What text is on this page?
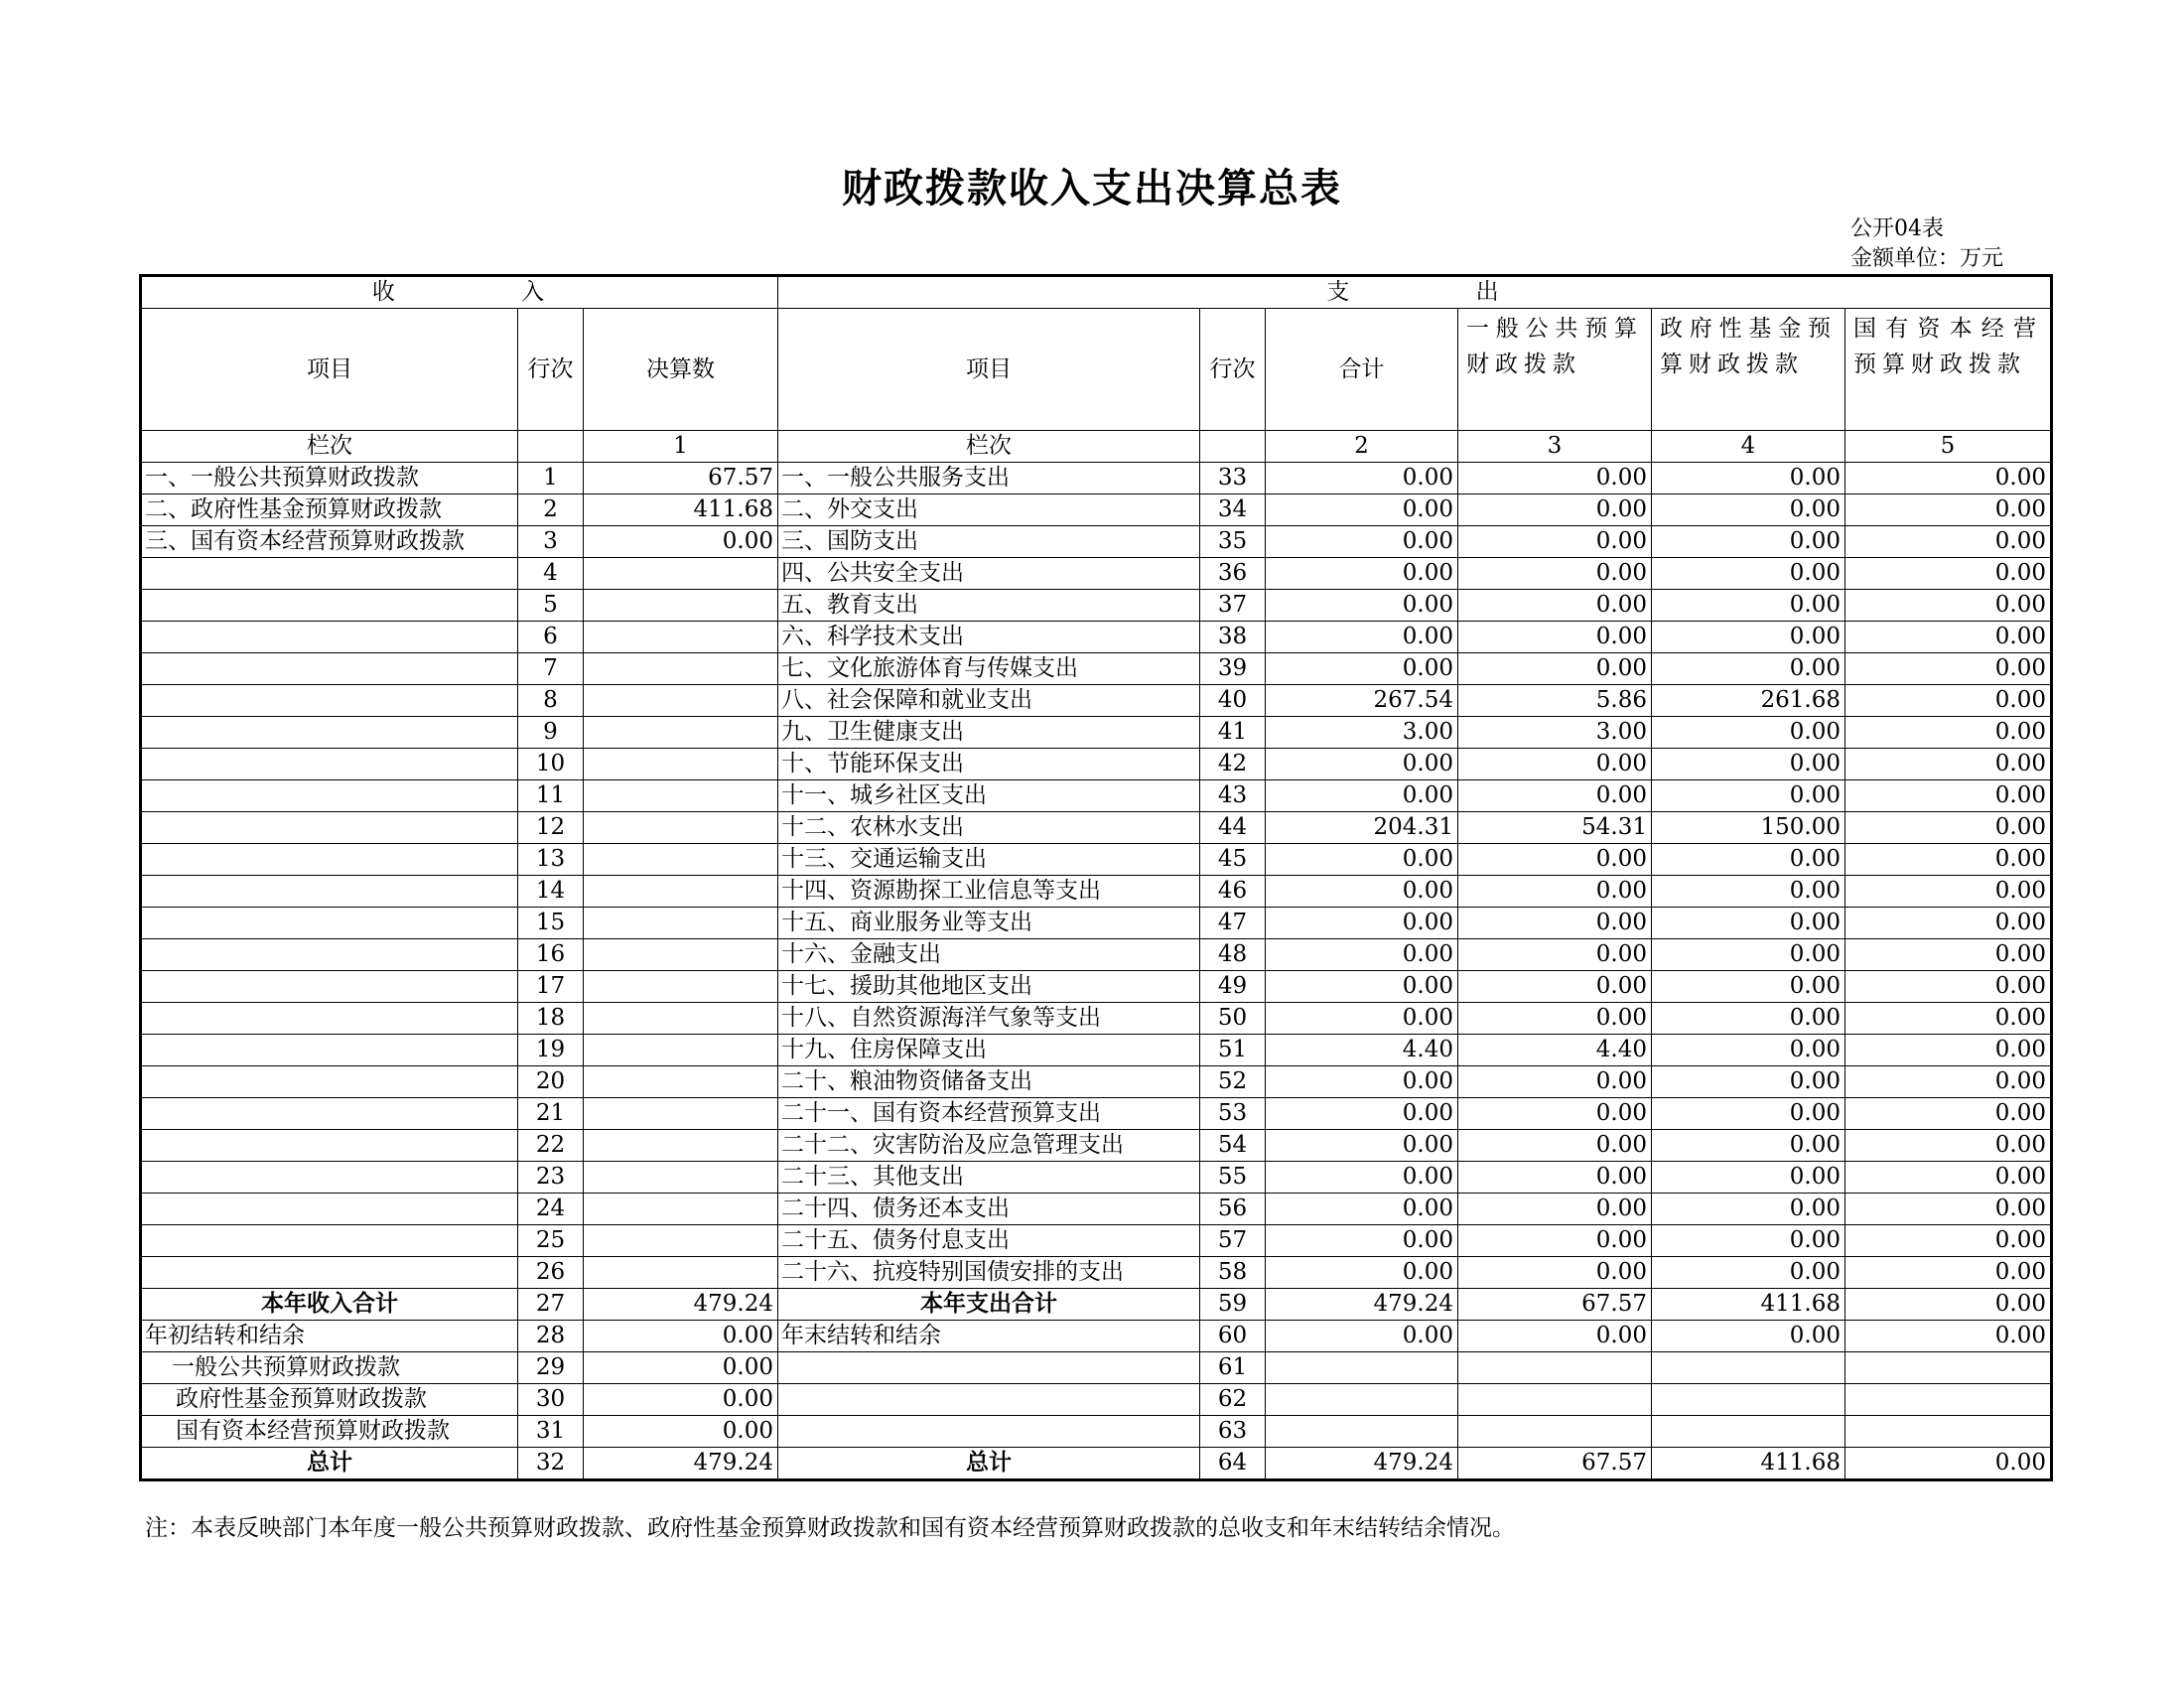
财政拨款收入支出决算总表
公开04表
金额单位：万元
收 入			支 出					
项目	行次	决算数	项目	行次	合计	一般公共预算财政拨款	政府性基金预算财政拨款	国有资本经营预算财政拨款
栏次		1	栏次		2	3	4	5
一、一般公共预算财政拨款	1	67.57	一、一般公共服务支出	33	0.00	0.00	0.00	0.00
二、政府性基金预算财政拨款	2	411.68	二、外交支出	34	0.00	0.00	0.00	0.00
三、国有资本经营预算财政拨款	3	0.00	三、国防支出	35	0.00	0.00	0.00	0.00
	4		四、公共安全支出	36	0.00	0.00	0.00	0.00
	5		五、教育支出	37	0.00	0.00	0.00	0.00
	6		六、科学技术支出	38	0.00	0.00	0.00	0.00
	7		七、文化旅游体育与传媒支出	39	0.00	0.00	0.00	0.00
	8		八、社会保障和就业支出	40	267.54	5.86	261.68	0.00
	9		九、卫生健康支出	41	3.00	3.00	0.00	0.00
	10		十、节能环保支出	42	0.00	0.00	0.00	0.00
	11		十一、城乡社区支出	43	0.00	0.00	0.00	0.00
	12		十二、农林水支出	44	204.31	54.31	150.00	0.00
	13		十三、交通运输支出	45	0.00	0.00	0.00	0.00
	14		十四、资源勘探工业信息等支出	46	0.00	0.00	0.00	0.00
	15		十五、商业服务业等支出	47	0.00	0.00	0.00	0.00
	16		十六、金融支出	48	0.00	0.00	0.00	0.00
	17		十七、援助其他地区支出	49	0.00	0.00	0.00	0.00
	18		十八、自然资源海洋气象等支出	50	0.00	0.00	0.00	0.00
	19		十九、住房保障支出	51	4.40	4.40	0.00	0.00
	20		二十、粮油物资储备支出	52	0.00	0.00	0.00	0.00
	21		二十一、国有资本经营预算支出	53	0.00	0.00	0.00	0.00
	22		二十二、灾害防治及应急管理支出	54	0.00	0.00	0.00	0.00
	23		二十三、其他支出	55	0.00	0.00	0.00	0.00
	24		二十四、债务还本支出	56	0.00	0.00	0.00	0.00
	25		二十五、债务付息支出	57	0.00	0.00	0.00	0.00
	26		二十六、抗疫特别国债安排的支出	58	0.00	0.00	0.00	0.00
本年收入合计	27	479.24	本年支出合计	59	479.24	67.57	411.68	0.00
年初结转和结余	28	0.00	年末结转和结余	60	0.00	0.00	0.00	0.00
一般公共预算财政拨款	29	0.00		61				
政府性基金预算财政拨款	30	0.00		62				
国有资本经营预算财政拨款	31	0.00		63				
总计	32	479.24	总计	64	479.24	67.57	411.68	0.00
注：本表反映部门本年度一般公共预算财政拨款、政府性基金预算财政拨款和国有资本经营预算财政拨款的总收支和年末结转结余情况。
